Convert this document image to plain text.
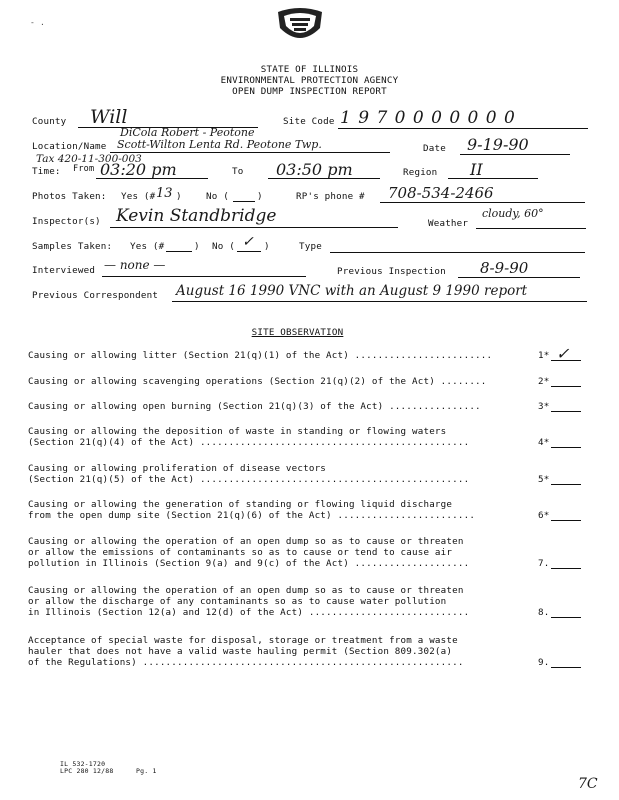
- .
STATE OF ILLINOIS
ENVIRONMENTAL PROTECTION AGENCY
OPEN DUMP INSPECTION REPORT
County Will	Site Code 1 9 7 0 0 0 0 0 0 0
Location/Name
DiCola Robert - Peotone
Scott-Wilton Lenta Rd. Peotone Twp.	Date 9-19-90
Tax 420-11-300-003
Time: From 03:20 pm	To 03:50 pm	Region II
Photos Taken: Yes (# 13 )	No (	)	RP's phone # 708-534-2466
Inspector(s) Kevin Standbridge	Weather
cloudy, 60°
Samples Taken: Yes (#	) No ( ✓ )	Type
Interviewed — none —	Previous Inspection 8-9-90
Previous Correspondent August 16 1990 VNC with an August 9 1990 report
SITE OBSERVATION
Causing or allowing litter (Section 21(q)(1) of the Act) ........................	1* ✓
Causing or allowing scavenging operations (Section 21(q)(2) of the Act) ........	2*
Causing or allowing open burning (Section 21(q)(3) of the Act) ................	3*
Causing or allowing the deposition of waste in standing or flowing waters
(Section 21(q)(4) of the Act) ...............................................	4*
Causing or allowing proliferation of disease vectors
(Section 21(q)(5) of the Act) ...............................................	5*
Causing or allowing the generation of standing or flowing liquid discharge
from the open dump site (Section 21(q)(6) of the Act) ........................	6*
Causing or allowing the operation of an open dump so as to cause or threaten
or allow the emissions of contaminants so as to cause or tend to cause air
pollution in Illinois (Section 9(a) and 9(c) of the Act) ....................	7.
Causing or allowing the operation of an open dump so as to cause or threaten
or allow the discharge of any contaminants so as to cause water pollution
in Illinois (Section 12(a) and 12(d) of the Act) ............................	8.
Acceptance of special waste for disposal, storage or treatment from a waste
hauler that does not have a valid waste hauling permit (Section 809.302(a)
of the Regulations) ........................................................	9.
IL 532-1720
LPC 280 12/88	Pg. 1
7C
